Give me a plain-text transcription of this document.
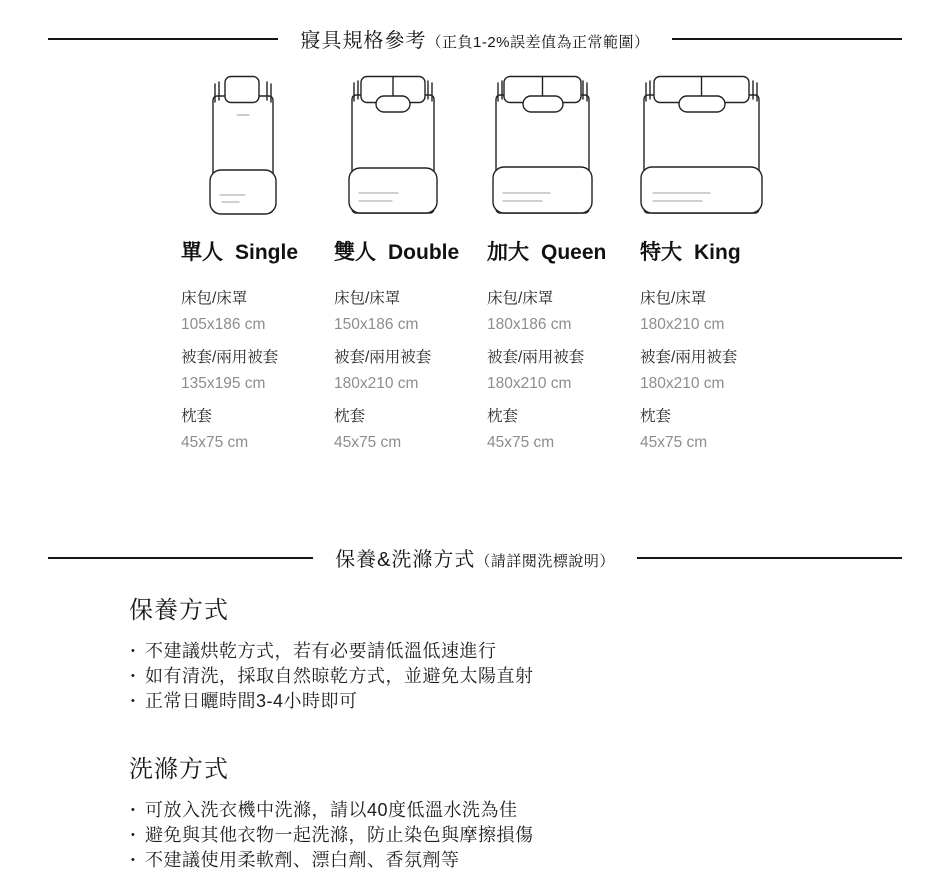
寢具規格參考 （正負1-2%誤差值為正常範圍）
單人 Single
床包/床罩
105x186 cm
被套/兩用被套
135x195 cm
枕套
45x75 cm
雙人 Double
床包/床罩
150x186 cm
被套/兩用被套
180x210 cm
枕套
45x75 cm
加大 Queen
床包/床罩
180x186 cm
被套/兩用被套
180x210 cm
枕套
45x75 cm
特大 King
床包/床罩
180x210 cm
被套/兩用被套
180x210 cm
枕套
45x75 cm
保養&洗滌方式 （請詳閱洗標說明）
保養方式
• 不建議烘乾方式，若有必要請低溫低速進行
• 如有清洗，採取自然晾乾方式，並避免太陽直射
• 正常日曬時間3-4小時即可
洗滌方式
• 可放入洗衣機中洗滌，請以40度低溫水洗為佳
• 避免與其他衣物一起洗滌，防止染色與摩擦損傷
• 不建議使用柔軟劑、漂白劑、香氛劑等
